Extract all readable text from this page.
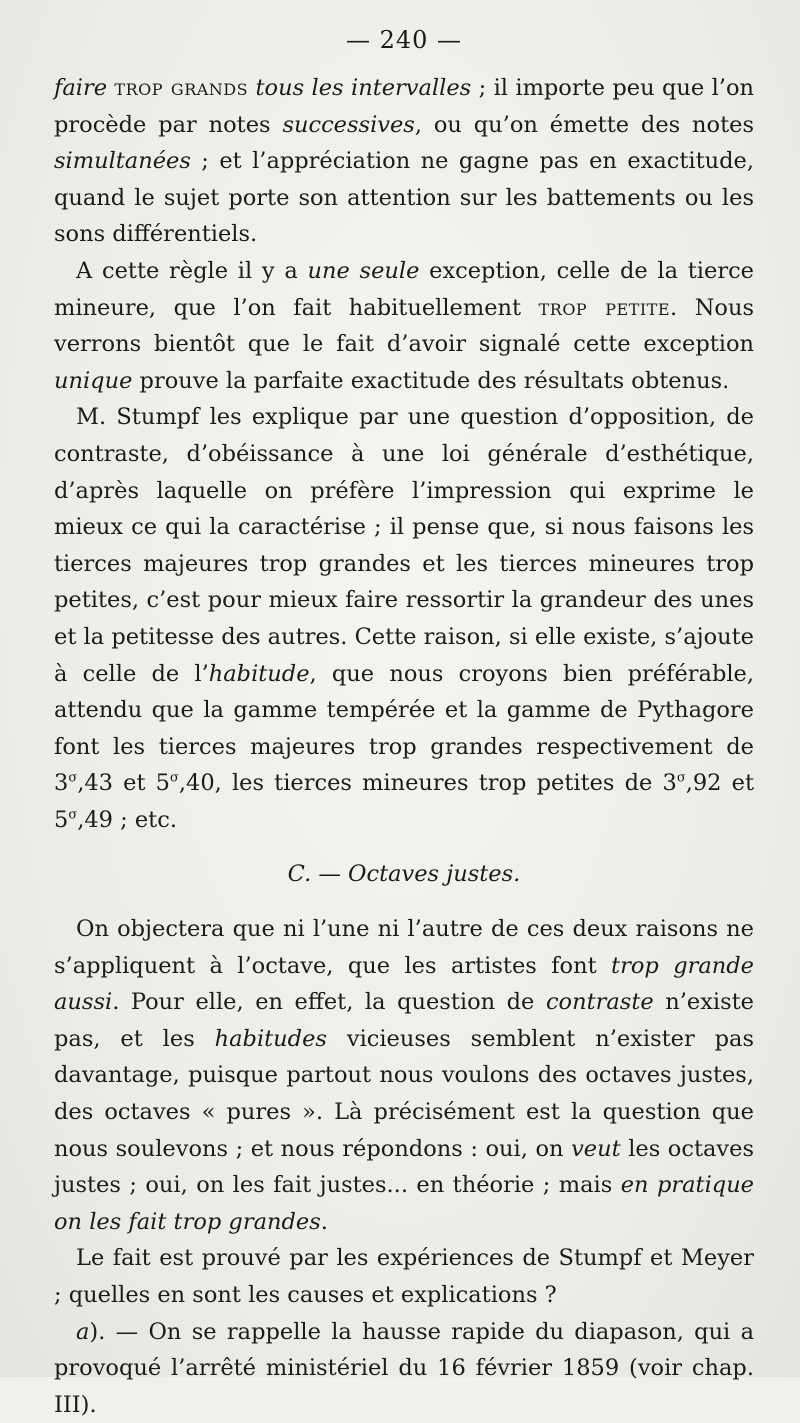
— 240 —

faire trop grands tous les intervalles ; il importe peu que l’on procède par notes successives, ou qu’on émette des notes simultanées ; et l’appréciation ne gagne pas en exactitude, quand le sujet porte son attention sur les battements ou les sons différentiels.

A cette règle il y a une seule exception, celle de la tierce mineure, que l’on fait habituellement trop petite. Nous verrons bientôt que le fait d’avoir signalé cette exception unique prouve la parfaite exactitude des résultats obtenus.

M. Stumpf les explique par une question d’opposition, de contraste, d’obéissance à une loi générale d’esthétique, d’après laquelle on préfère l’impression qui exprime le mieux ce qui la caractérise ; il pense que, si nous faisons les tierces majeures trop grandes et les tierces mineures trop petites, c’est pour mieux faire ressortir la grandeur des unes et la petitesse des autres. Cette raison, si elle existe, s’ajoute à celle de l’habitude, que nous croyons bien préférable, attendu que la gamme tempérée et la gamme de Pythagore font les tierces majeures trop grandes respectivement de $3^\sigma,43$ et $5^\sigma,40$, les tierces mineures trop petites de $3^\sigma,92$ et $5^\sigma,49$ ; etc.

C. — Octaves justes.

On objectera que ni l’une ni l’autre de ces deux raisons ne s’appliquent à l’octave, que les artistes font trop grande aussi. Pour elle, en effet, la question de contraste n’existe pas, et les habitudes vicieuses semblent n’exister pas davantage, puisque partout nous voulons des octaves justes, des octaves « pures ». Là précisément est la question que nous soulevons ; et nous répondons : oui, on veut les octaves justes ; oui, on les fait justes... en théorie ; mais en pratique on les fait trop grandes.

Le fait est prouvé par les expériences de Stumpf et Meyer ; quelles en sont les causes et explications ?

a). — On se rappelle la hausse rapide du diapason, qui a provoqué l’arrêté ministériel du 16 février 1859 (voir chap. III).
